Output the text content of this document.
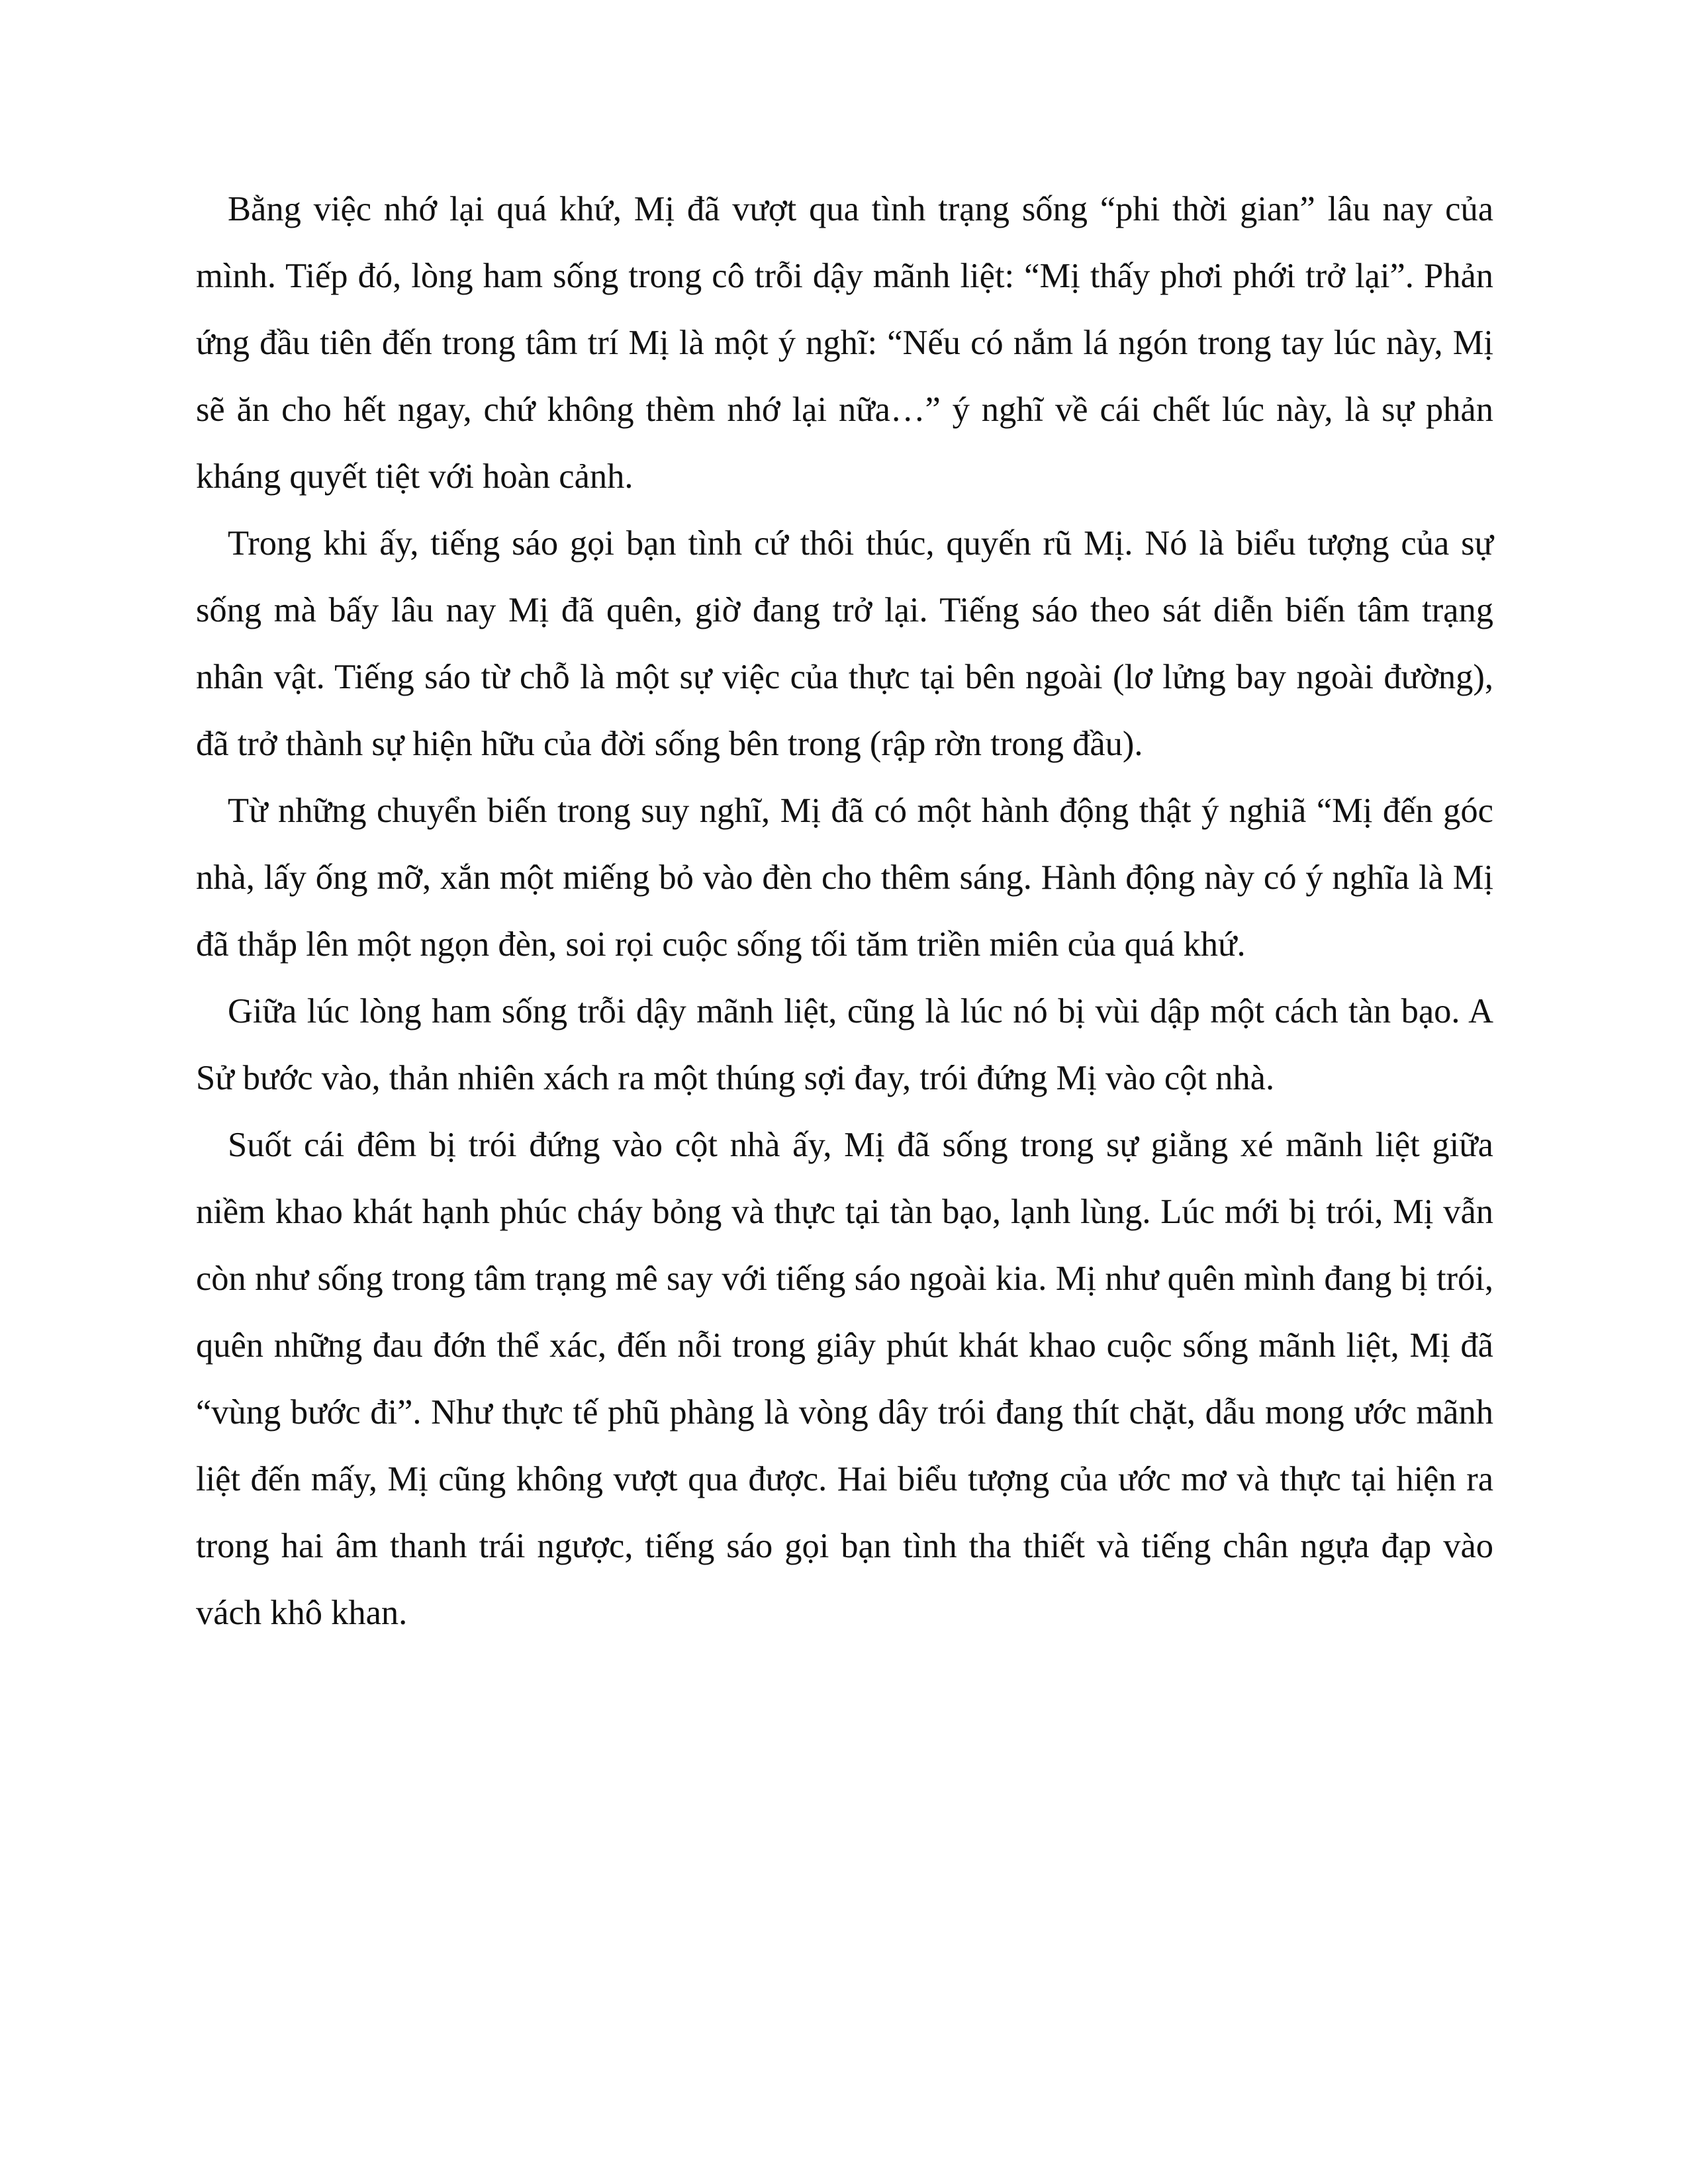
Bằng việc nhớ lại quá khứ, Mị đã vượt qua tình trạng sống “phi thời gian” lâu nay của mình. Tiếp đó, lòng ham sống trong cô trỗi dậy mãnh liệt: “Mị thấy phơi phới trở lại”. Phản ứng đầu tiên đến trong tâm trí Mị là một ý nghĩ: “Nếu có nắm lá ngón trong tay lúc này, Mị sẽ ăn cho hết ngay, chứ không thèm nhớ lại nữa…” ý nghĩ về cái chết lúc này, là sự phản kháng quyết tiệt với hoàn cảnh.

Trong khi ấy, tiếng sáo gọi bạn tình cứ thôi thúc, quyến rũ Mị. Nó là biểu tượng của sự sống mà bấy lâu nay Mị đã quên, giờ đang trở lại. Tiếng sáo theo sát diễn biến tâm trạng nhân vật. Tiếng sáo từ chỗ là một sự việc của thực tại bên ngoài (lơ lửng bay ngoài đường), đã trở thành sự hiện hữu của đời sống bên trong (rập rờn trong đầu).

Từ những chuyển biến trong suy nghĩ, Mị đã có một hành động thật ý nghiã “Mị đến góc nhà, lấy ống mỡ, xắn một miếng bỏ vào đèn cho thêm sáng. Hành động này có ý nghĩa là Mị đã thắp lên một ngọn đèn, soi rọi cuộc sống tối tăm triền miên của quá khứ.

Giữa lúc lòng ham sống trỗi dậy mãnh liệt, cũng là lúc nó bị vùi dập một cách tàn bạo. A Sử bước vào, thản nhiên xách ra một thúng sợi đay, trói đứng Mị vào cột nhà.

Suốt cái đêm bị trói đứng vào cột nhà ấy, Mị đã sống trong sự giằng xé mãnh liệt giữa niềm khao khát hạnh phúc cháy bỏng và thực tại tàn bạo, lạnh lùng. Lúc mới bị trói, Mị vẫn còn như sống trong tâm trạng mê say với tiếng sáo ngoài kia. Mị như quên mình đang bị trói, quên những đau đớn thể xác, đến nỗi trong giây phút khát khao cuộc sống mãnh liệt, Mị đã “vùng bước đi”. Như thực tế phũ phàng là vòng dây trói đang thít chặt, dẫu mong ước mãnh liệt đến mấy, Mị cũng không vượt qua được. Hai biểu tượng của ước mơ và thực tại hiện ra trong hai âm thanh trái ngược, tiếng sáo gọi bạn tình tha thiết và tiếng chân ngựa đạp vào vách khô khan.
